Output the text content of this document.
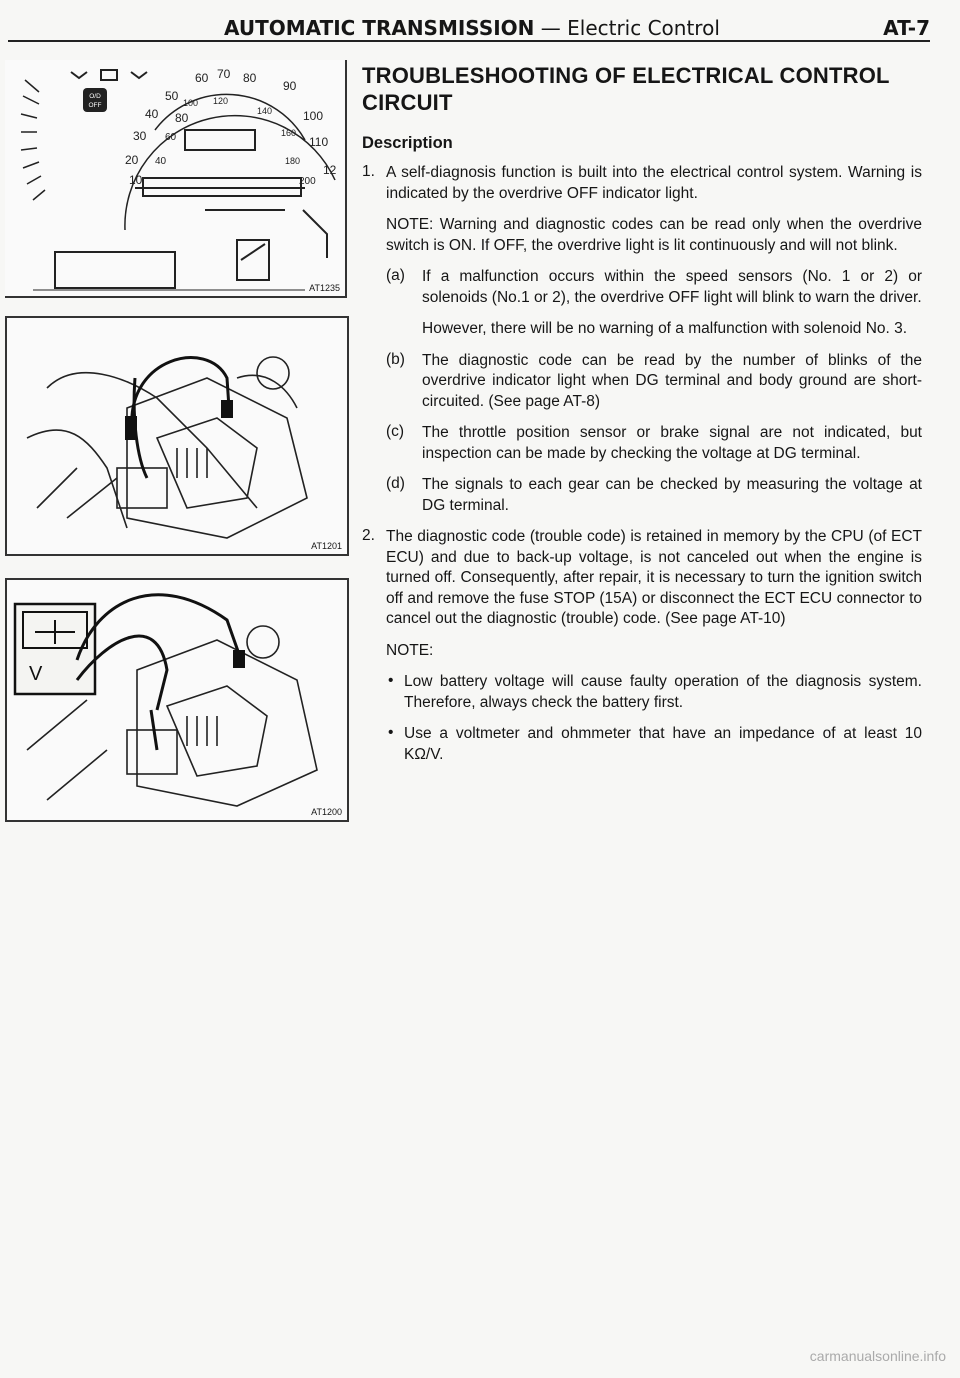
AUTOMATIC TRANSMISSION — Electric Control	AT-7
O/D
OFF
50
60 70 80
90
40
100 120
140	100
80
30 60	160
110
20 40	180
12
10	200
AT1235
AT1201
V
AT1200
TROUBLESHOOTING OF ELECTRICAL CONTROL CIRCUIT
Description
1. A self-diagnosis function is built into the electrical control system. Warning is indicated by the overdrive OFF indicator light.

NOTE: Warning and diagnostic codes can be read only when the overdrive switch is ON. If OFF, the overdrive light is lit continuously and will not blink.

(a) If a malfunction occurs within the speed sensors (No. 1 or 2) or solenoids (No.1 or 2), the overdrive OFF light will blink to warn the driver.

However, there will be no warning of a malfunction with solenoid No. 3.

(b) The diagnostic code can be read by the number of blinks of the overdrive indicator light when DG terminal and body ground are short-circuited. (See page AT-8)

(c) The throttle position sensor or brake signal are not indicated, but inspection can be made by checking the voltage at DG terminal.

(d) The signals to each gear can be checked by measuring the voltage at DG terminal.

2. The diagnostic code (trouble code) is retained in memory by the CPU (of ECT ECU) and due to back-up voltage, is not canceled out when the engine is turned off. Consequently, after repair, it is necessary to turn the ignition switch off and remove the fuse STOP (15A) or disconnect the ECT ECU connector to cancel out the diagnostic (trouble) code. (See page AT-10)

NOTE:

• Low battery voltage will cause faulty operation of the diagnosis system. Therefore, always check the battery first.

• Use a voltmeter and ohmmeter that have an impedance of at least 10 KΩ/V.

carmanualsonline.info
